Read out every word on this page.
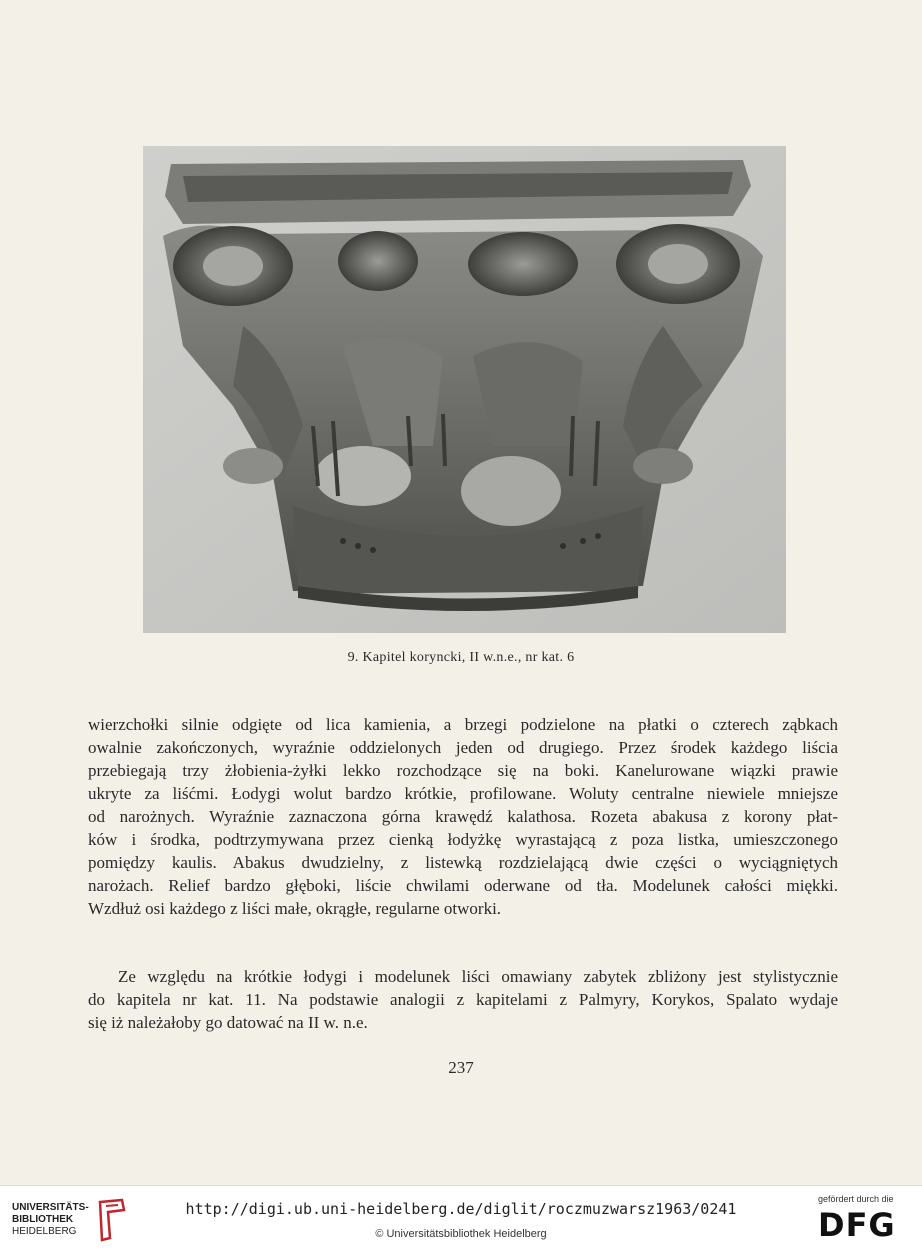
9. Kapitel koryncki, II w.n.e., nr kat. 6

wierzchołki silnie odgięte od lica kamienia, a brzegi podzielone na płatki o czterech ząbkach
owalnie zakończonych, wyraźnie oddzielonych jeden od drugiego. Przez środek każdego liścia
przebiegają trzy żłobienia-żyłki lekko rozchodzące się na boki. Kanelurowane wiązki prawie
ukryte za liśćmi. Łodygi wolut bardzo krótkie, profilowane. Woluty centralne niewiele mniejsze
od narożnych. Wyraźnie zaznaczona górna krawędź kalathosa. Rozeta abakusa z korony płat-
ków i środka, podtrzymywana przez cienką łodyżkę wyrastającą z poza listka, umieszczonego
pomiędzy kaulis. Abakus dwudzielny, z listewką rozdzielającą dwie części o wyciągniętych
narożach. Relief bardzo głęboki, liście chwilami oderwane od tła. Modelunek całości miękki.
Wzdłuż osi każdego z liści małe, okrągłe, regularne otworki.

Ze względu na krótkie łodygi i modelunek liści omawiany zabytek zbliżony jest stylistycznie
do kapitela nr kat. 11. Na podstawie analogii z kapitelami z Palmyry, Korykos, Spalato wydaje
się iż należałoby go datować na II w. n.e.

237
UNIVERSITÄTS-
BIBLIOTHEK
HEIDELBERG
http://digi.ub.uni-heidelberg.de/diglit/roczmuzwarsz1963/0241
© Universitätsbibliothek Heidelberg
gefördert durch die
DFG
